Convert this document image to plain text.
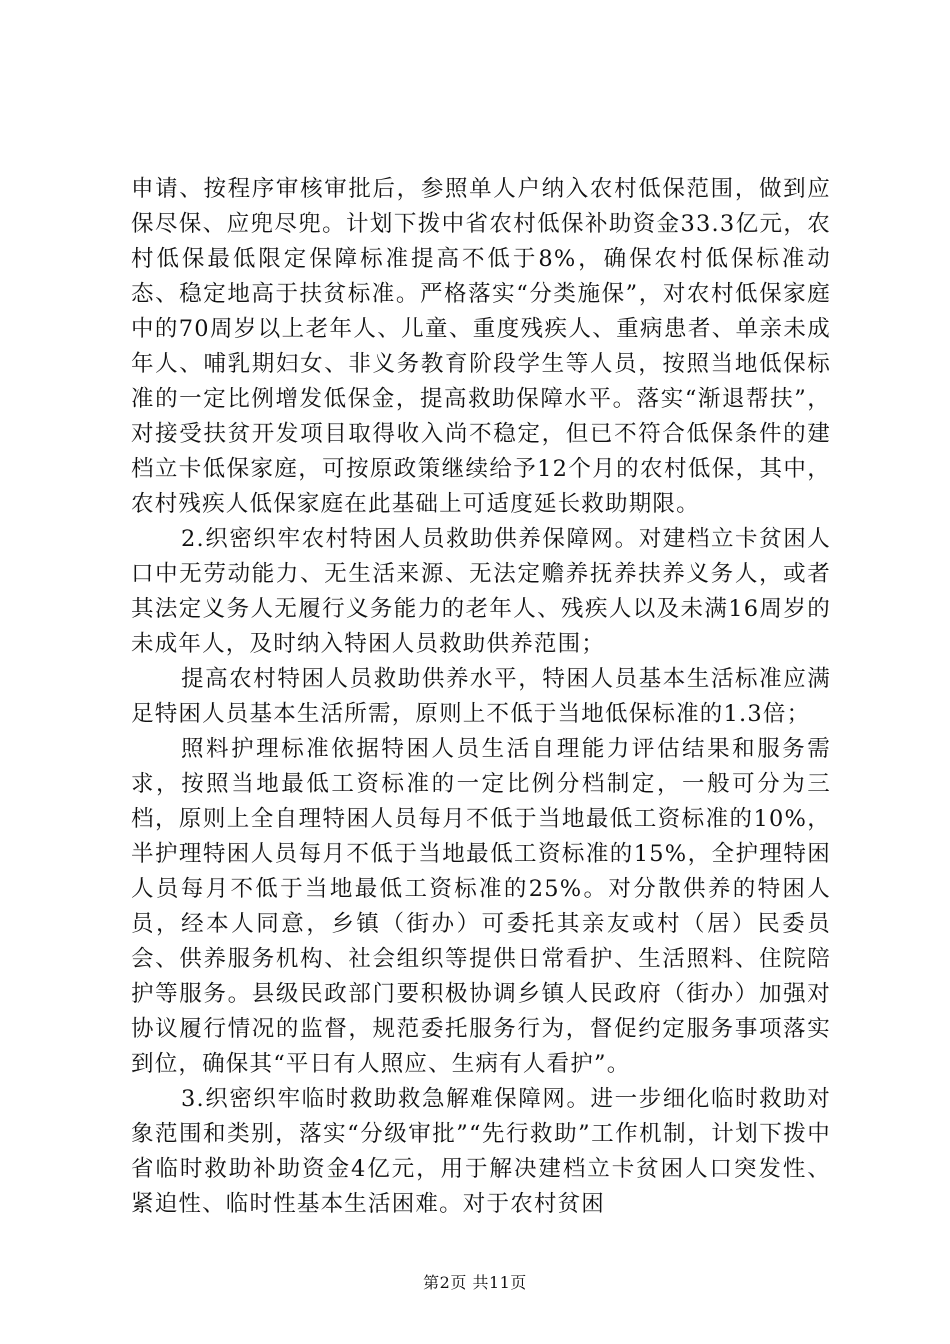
申请、按程序审核审批后，参照单人户纳入农村低保范围，做到应保尽保、应兜尽兜。计划下拨中省农村低保补助资金33.3亿元，农村低保最低限定保障标准提高不低于8%，确保农村低保标准动态、稳定地高于扶贫标准。严格落实“分类施保”，对农村低保家庭中的70周岁以上老年人、儿童、重度残疾人、重病患者、单亲未成年人、哺乳期妇女、非义务教育阶段学生等人员，按照当地低保标准的一定比例增发低保金，提高救助保障水平。落实“渐退帮扶”，对接受扶贫开发项目取得收入尚不稳定，但已不符合低保条件的建档立卡低保家庭，可按原政策继续给予12个月的农村低保，其中，农村残疾人低保家庭在此基础上可适度延长救助期限。

2.织密织牢农村特困人员救助供养保障网。对建档立卡贫困人口中无劳动能力、无生活来源、无法定赡养抚养扶养义务人，或者其法定义务人无履行义务能力的老年人、残疾人以及未满16周岁的未成年人，及时纳入特困人员救助供养范围；

提高农村特困人员救助供养水平，特困人员基本生活标准应满足特困人员基本生活所需，原则上不低于当地低保标准的1.3倍；

照料护理标准依据特困人员生活自理能力评估结果和服务需求，按照当地最低工资标准的一定比例分档制定，一般可分为三档，原则上全自理特困人员每月不低于当地最低工资标准的10%，半护理特困人员每月不低于当地最低工资标准的15%，全护理特困人员每月不低于当地最低工资标准的25%。对分散供养的特困人员，经本人同意，乡镇（街办）可委托其亲友或村（居）民委员会、供养服务机构、社会组织等提供日常看护、生活照料、住院陪护等服务。县级民政部门要积极协调乡镇人民政府（街办）加强对协议履行情况的监督，规范委托服务行为，督促约定服务事项落实到位，确保其“平日有人照应、生病有人看护”。

3.织密织牢临时救助救急解难保障网。进一步细化临时救助对象范围和类别，落实“分级审批”“先行救助”工作机制，计划下拨中省临时救助补助资金4亿元，用于解决建档立卡贫困人口突发性、紧迫性、临时性基本生活困难。对于农村贫困

第2页 共11页
